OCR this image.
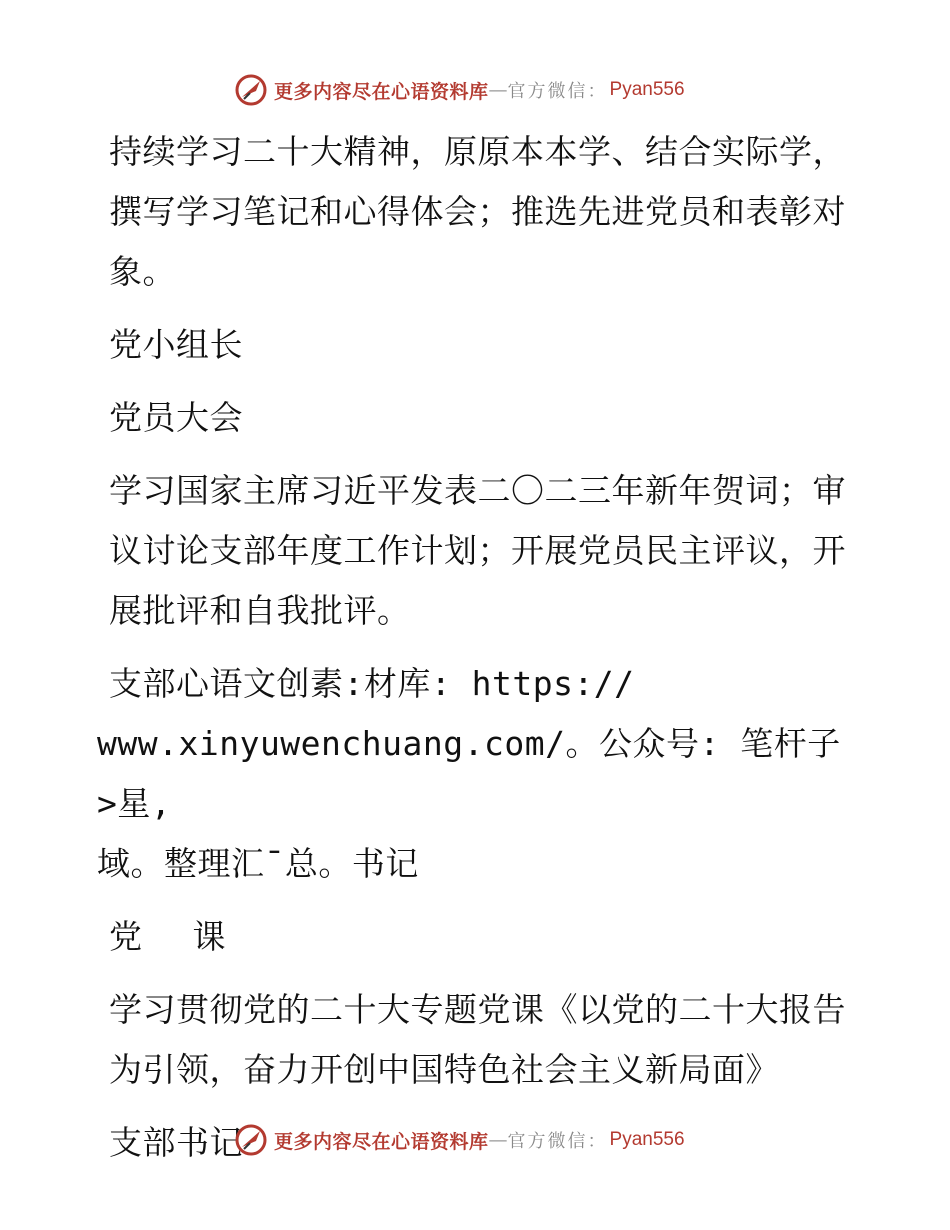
更多内容尽在心语资料库 — 官方微信： Pyan556

持续学习二十大精神，原原本本学、结合实际学，撰写学习笔记和心得体会；推选先进党员和表彰对象。

党小组长

党员大会

学习国家主席习近平发表二〇二三年新年贺词；审议讨论支部年度工作计划；开展党员民主评议，开展批评和自我批评。

支部心语文创素:材库: https://
www.xinyuwenchuang.com/。公众号: 笔杆子>星,
域。整理汇¯总。书记

党 课

学习贯彻党的二十大专题党课《以党的二十大报告为引领，奋力开创中国特色社会主义新局面》

支部书记	更多内容尽在心语资料库 — 官方微信： Pyan556
